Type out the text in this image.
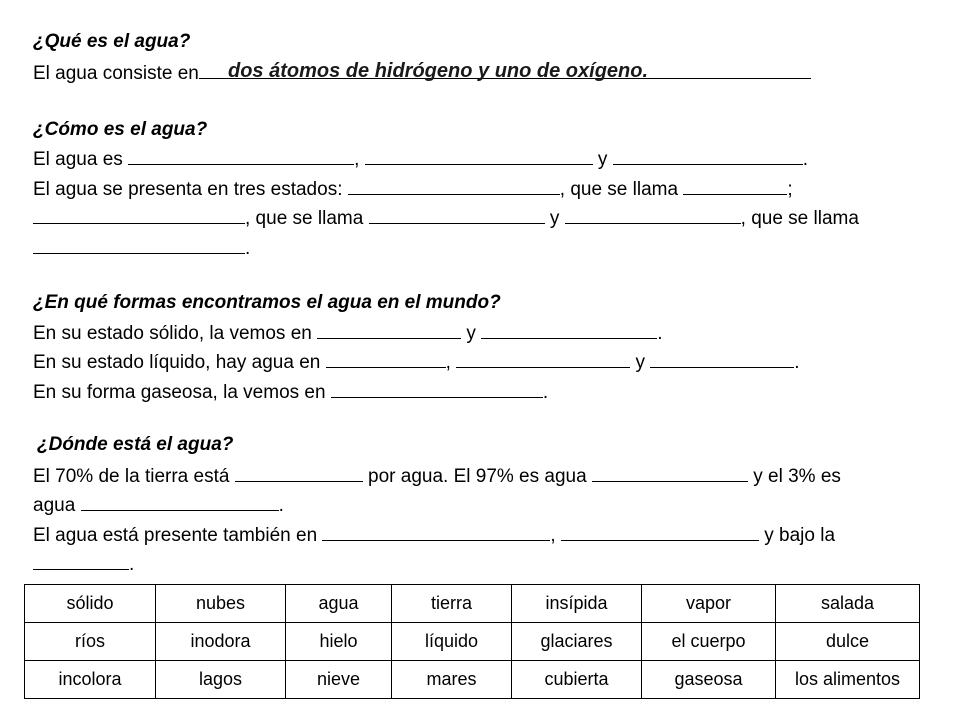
¿Qué es el agua?
El agua consiste en	dos átomos de hidrógeno y uno de oxígeno.
¿Cómo es el agua?
El agua es	,	y	.
El agua se presenta en tres estados:	, que se llama	;
, que se llama	y	, que se llama
.
¿En qué formas encontramos el agua en el mundo?
En su estado sólido, la vemos en	y	.
En su estado líquido, hay agua en	,	y	.
En su forma gaseosa, la vemos en	.
¿Dónde está el agua?
El 70% de la tierra está	por agua. El 97% es agua	y el 3% es
agua	.
El agua está presente también en	,	y bajo la
.
sólido	nubes	agua	tierra	insípida	vapor	salada
ríos	inodora	hielo	líquido	glaciares	el cuerpo	dulce
incolora	lagos	nieve	mares	cubierta	gaseosa	los alimentos
